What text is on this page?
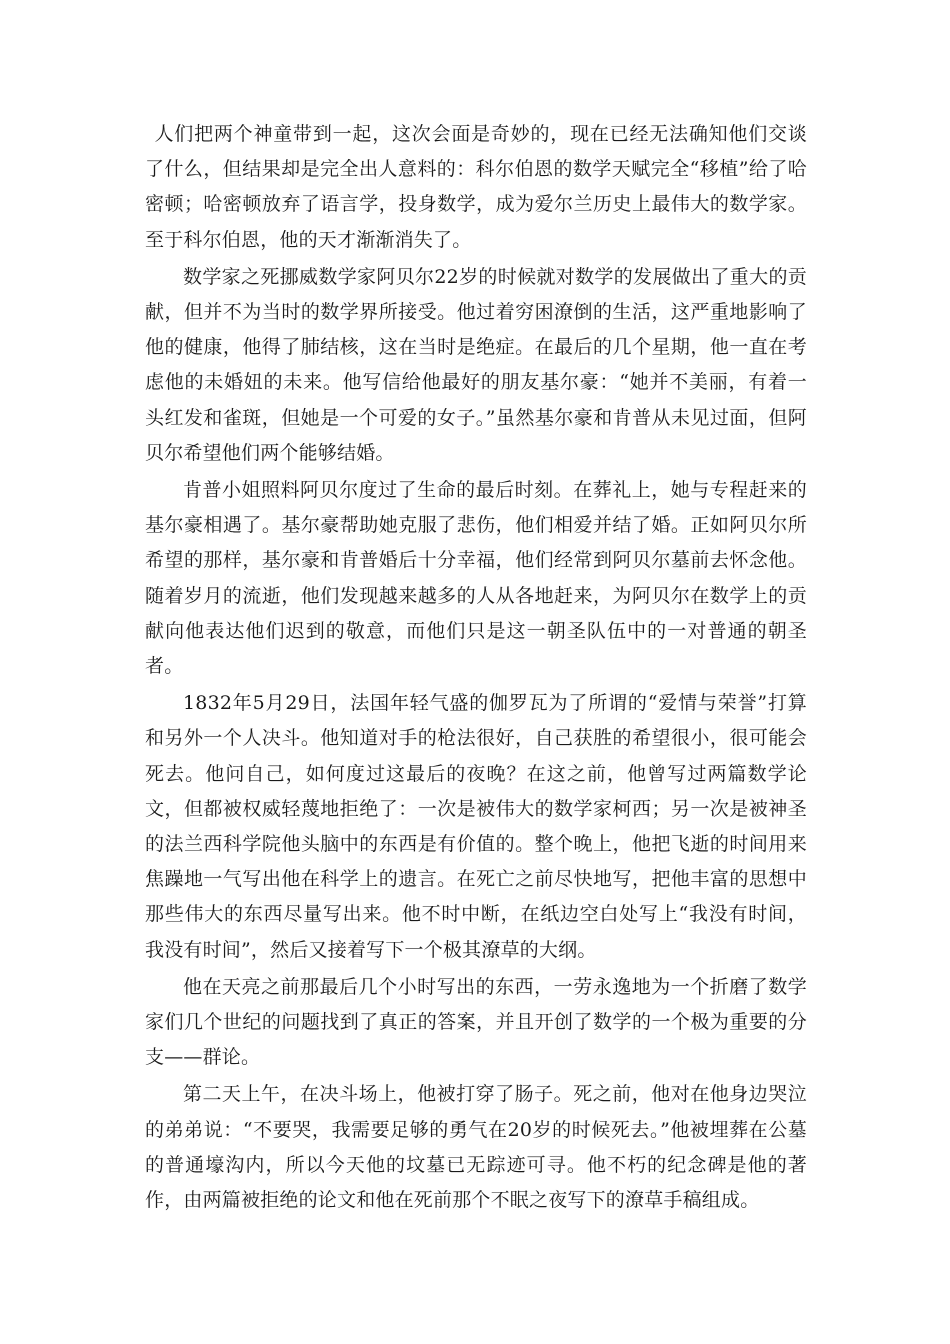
人们把两个神童带到一起，这次会面是奇妙的，现在已经无法确知他们交谈了什么，但结果却是完全出人意料的：科尔伯恩的数学天赋完全“移植”给了哈密顿；哈密顿放弃了语言学，投身数学，成为爱尔兰历史上最伟大的数学家。 至于科尔伯恩，他的天才渐渐消失了。

数学家之死挪威数学家阿贝尔22岁的时候就对数学的发展做出了重大的贡献，但并不为当时的数学界所接受。他过着穷困潦倒的生活，这严重地影响了他的健康，他得了肺结核，这在当时是绝症。在最后的几个星期，他一直在考虑他的未婚妞的未来。他写信给他最好的朋友基尔豪：“她并不美丽，有着一头红发和雀斑，但她是一个可爱的女子。”虽然基尔豪和肯普从未见过面，但阿贝尔希望他们两个能够结婚。

肯普小姐照料阿贝尔度过了生命的最后时刻。在葬礼上，她与专程赶来的基尔豪相遇了。基尔豪帮助她克服了悲伤，他们相爱并结了婚。正如阿贝尔所希望的那样，基尔豪和肯普婚后十分幸福，他们经常到阿贝尔墓前去怀念他。随着岁月的流逝，他们发现越来越多的人从各地赶来，为阿贝尔在数学上的贡献向他表达他们迟到的敬意，而他们只是这一朝圣队伍中的一对普通的朝圣者。

1832年5月29日，法国年轻气盛的伽罗瓦为了所谓的“爱情与荣誉”打算和另外一个人决斗。他知道对手的枪法很好，自己获胜的希望很小，很可能会死去。他问自己，如何度过这最后的夜晚？在这之前，他曾写过两篇数学论文，但都被权威轻蔑地拒绝了：一次是被伟大的数学家柯西；另一次是被神圣的法兰西科学院他头脑中的东西是有价值的。整个晚上，他把飞逝的时间用来焦躁地一气写出他在科学上的遗言。在死亡之前尽快地写，把他丰富的思想中那些伟大的东西尽量写出来。他不时中断，在纸边空白处写上“我没有时间，我没有时间”，然后又接着写下一个极其潦草的大纲。

他在天亮之前那最后几个小时写出的东西，一劳永逸地为一个折磨了数学家们几个世纪的问题找到了真正的答案，并且开创了数学的一个极为重要的分支——群论。

第二天上午，在决斗场上，他被打穿了肠子。死之前，他对在他身边哭泣的弟弟说：“不要哭，我需要足够的勇气在20岁的时候死去。”他被埋葬在公墓的普通壕沟内，所以今天他的坟墓已无踪迹可寻。他不朽的纪念碑是他的著作，由两篇被拒绝的论文和他在死前那个不眠之夜写下的潦草手稿组成。
